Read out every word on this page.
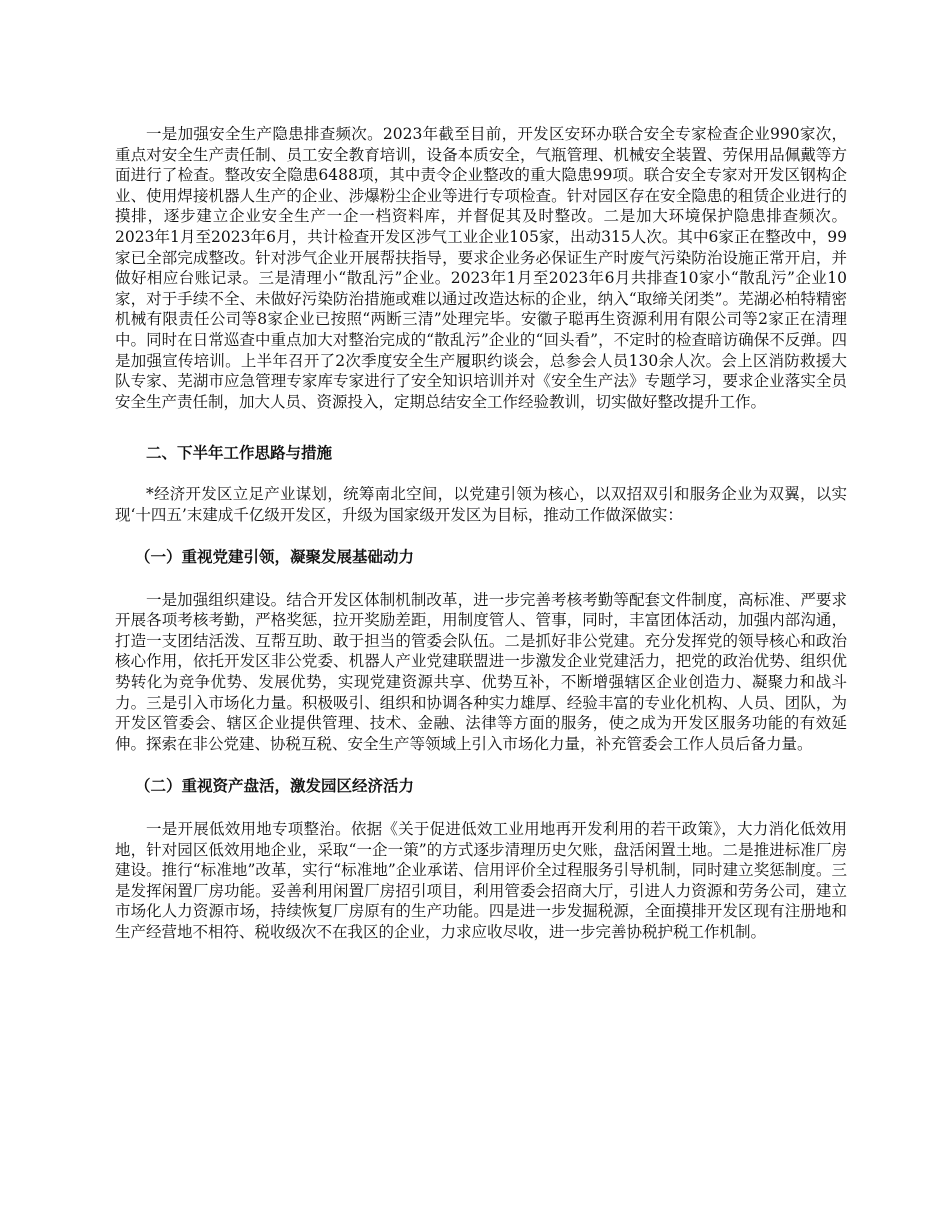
一是加强安全生产隐患排查频次。2023年截至目前，开发区安环办联合安全专家检查企业990家次，重点对安全生产责任制、员工安全教育培训，设备本质安全，气瓶管理、机械安全装置、劳保用品佩戴等方面进行了检查。整改安全隐患6488项，其中责令企业整改的重大隐患99项。联合安全专家对开发区钢构企业、使用焊接机器人生产的企业、涉爆粉尘企业等进行专项检查。针对园区存在安全隐患的租赁企业进行的摸排，逐步建立企业安全生产一企一档资料库，并督促其及时整改。二是加大环境保护隐患排查频次。2023年1月至2023年6月，共计检查开发区涉气工业企业105家，出动315人次。其中6家正在整改中，99家已全部完成整改。针对涉气企业开展帮扶指导，要求企业务必保证生产时废气污染防治设施正常开启，并做好相应台账记录。三是清理小“散乱污”企业。2023年1月至2023年6月共排查10家小“散乱污”企业10家，对于手续不全、未做好污染防治措施或难以通过改造达标的企业，纳入“取缔关闭类”。芜湖必柏特精密机械有限责任公司等8家企业已按照“两断三清”处理完毕。安徽子聪再生资源利用有限公司等2家正在清理中。同时在日常巡查中重点加大对整治完成的“散乱污”企业的“回头看”，不定时的检查暗访确保不反弹。四是加强宣传培训。上半年召开了2次季度安全生产履职约谈会，总参会人员130余人次。会上区消防救援大队专家、芜湖市应急管理专家库专家进行了安全知识培训并对《安全生产法》专题学习，要求企业落实全员安全生产责任制，加大人员、资源投入，定期总结安全工作经验教训，切实做好整改提升工作。

二、下半年工作思路与措施

*经济开发区立足产业谋划，统筹南北空间，以党建引领为核心，以双招双引和服务企业为双翼，以实现‘十四五’末建成千亿级开发区，升级为国家级开发区为目标，推动工作做深做实：

（一）重视党建引领，凝聚发展基础动力

一是加强组织建设。结合开发区体制机制改革，进一步完善考核考勤等配套文件制度，高标准、严要求开展各项考核考勤，严格奖惩，拉开奖励差距，用制度管人、管事，同时，丰富团体活动，加强内部沟通，打造一支团结活泼、互帮互助、敢于担当的管委会队伍。二是抓好非公党建。充分发挥党的领导核心和政治核心作用，依托开发区非公党委、机器人产业党建联盟进一步激发企业党建活力，把党的政治优势、组织优势转化为竞争优势、发展优势，实现党建资源共享、优势互补，不断增强辖区企业创造力、凝聚力和战斗力。三是引入市场化力量。积极吸引、组织和协调各种实力雄厚、经验丰富的专业化机构、人员、团队，为开发区管委会、辖区企业提供管理、技术、金融、法律等方面的服务，使之成为开发区服务功能的有效延伸。探索在非公党建、协税互税、安全生产等领域上引入市场化力量，补充管委会工作人员后备力量。

（二）重视资产盘活，激发园区经济活力

一是开展低效用地专项整治。依据《关于促进低效工业用地再开发利用的若干政策》，大力消化低效用地，针对园区低效用地企业，采取“一企一策”的方式逐步清理历史欠账，盘活闲置土地。二是推进标准厂房建设。推行“标准地”改革，实行“标准地”企业承诺、信用评价全过程服务引导机制，同时建立奖惩制度。三是发挥闲置厂房功能。妥善利用闲置厂房招引项目，利用管委会招商大厅，引进人力资源和劳务公司，建立市场化人力资源市场，持续恢复厂房原有的生产功能。四是进一步发掘税源，全面摸排开发区现有注册地和生产经营地不相符、税收级次不在我区的企业，力求应收尽收，进一步完善协税护税工作机制。
